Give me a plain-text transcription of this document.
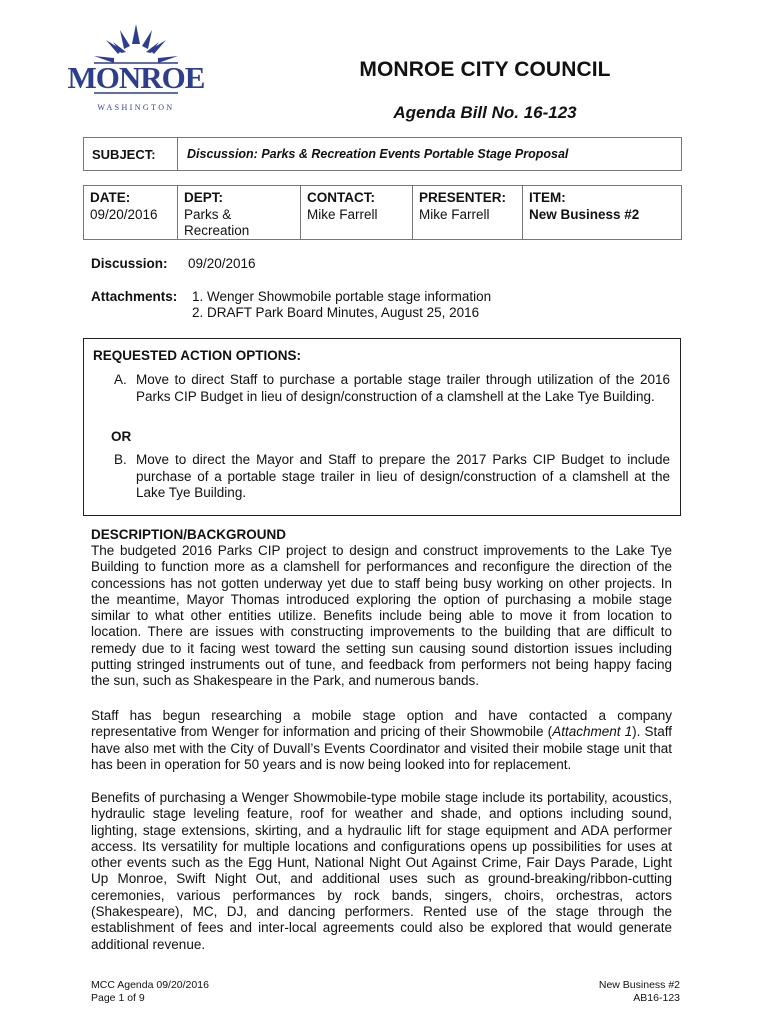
MONROE
WASHINGTON
MONROE CITY COUNCIL
Agenda Bill No. 16-123
SUBJECT:	Discussion: Parks & Recreation Events Portable Stage Proposal
DATE:
09/20/2016
DEPT:
Parks &
Recreation
CONTACT:
Mike Farrell
PRESENTER:
Mike Farrell
ITEM:
New Business #2
Discussion: 09/20/2016
Attachments: 1. Wenger Showmobile portable stage information
2. DRAFT Park Board Minutes, August 25, 2016
REQUESTED ACTION OPTIONS:
A. Move to direct Staff to purchase a portable stage trailer through utilization of the 2016 Parks CIP Budget in lieu of design/construction of a clamshell at the Lake Tye Building.
OR
B. Move to direct the Mayor and Staff to prepare the 2017 Parks CIP Budget to include purchase of a portable stage trailer in lieu of design/construction of a clamshell at the Lake Tye Building.
DESCRIPTION/BACKGROUND
The budgeted 2016 Parks CIP project to design and construct improvements to the Lake Tye Building to function more as a clamshell for performances and reconfigure the direction of the concessions has not gotten underway yet due to staff being busy working on other projects. In the meantime, Mayor Thomas introduced exploring the option of purchasing a mobile stage similar to what other entities utilize. Benefits include being able to move it from location to location. There are issues with constructing improvements to the building that are difficult to remedy due to it facing west toward the setting sun causing sound distortion issues including putting stringed instruments out of tune, and feedback from performers not being happy facing the sun, such as Shakespeare in the Park, and numerous bands.
Staff has begun researching a mobile stage option and have contacted a company representative from Wenger for information and pricing of their Showmobile (Attachment 1). Staff have also met with the City of Duvall’s Events Coordinator and visited their mobile stage unit that has been in operation for 50 years and is now being looked into for replacement.
Benefits of purchasing a Wenger Showmobile-type mobile stage include its portability, acoustics, hydraulic stage leveling feature, roof for weather and shade, and options including sound, lighting, stage extensions, skirting, and a hydraulic lift for stage equipment and ADA performer access. Its versatility for multiple locations and configurations opens up possibilities for uses at other events such as the Egg Hunt, National Night Out Against Crime, Fair Days Parade, Light Up Monroe, Swift Night Out, and additional uses such as ground-breaking/ribbon-cutting ceremonies, various performances by rock bands, singers, choirs, orchestras, actors (Shakespeare), MC, DJ, and dancing performers. Rented use of the stage through the establishment of fees and inter-local agreements could also be explored that would generate additional revenue.
MCC Agenda 09/20/2016
Page 1 of 9
New Business #2
AB16-123
